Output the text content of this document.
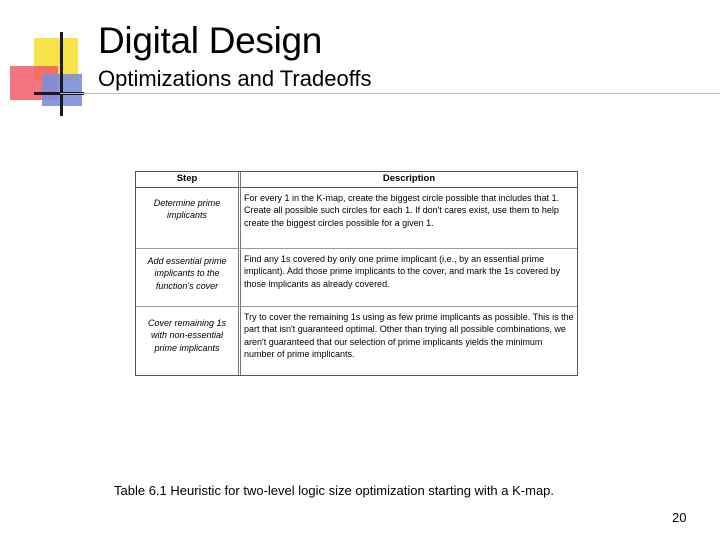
Digital Design
Optimizations and Tradeoffs
Step	Description
Determine prime implicants	For every 1 in the K-map, create the biggest circle possible that includes that 1. Create all possible such circles for each 1. If don't cares exist, use them to help create the biggest circles possible for a given 1.
Add essential prime implicants to the function's cover	Find any 1s covered by only one prime implicant (i.e., by an essential prime implicant). Add those prime implicants to the cover, and mark the 1s covered by those implicants as already covered.
Cover remaining 1s with non-essential prime implicants	Try to cover the remaining 1s using as few prime implicants as possible. This is the part that isn't guaranteed optimal. Other than trying all possible combinations, we aren't guaranteed that our selection of prime implicants yields the minimum number of prime implicants.

Table 6.1 Heuristic for two-level logic size optimization starting with a K-map.

20
